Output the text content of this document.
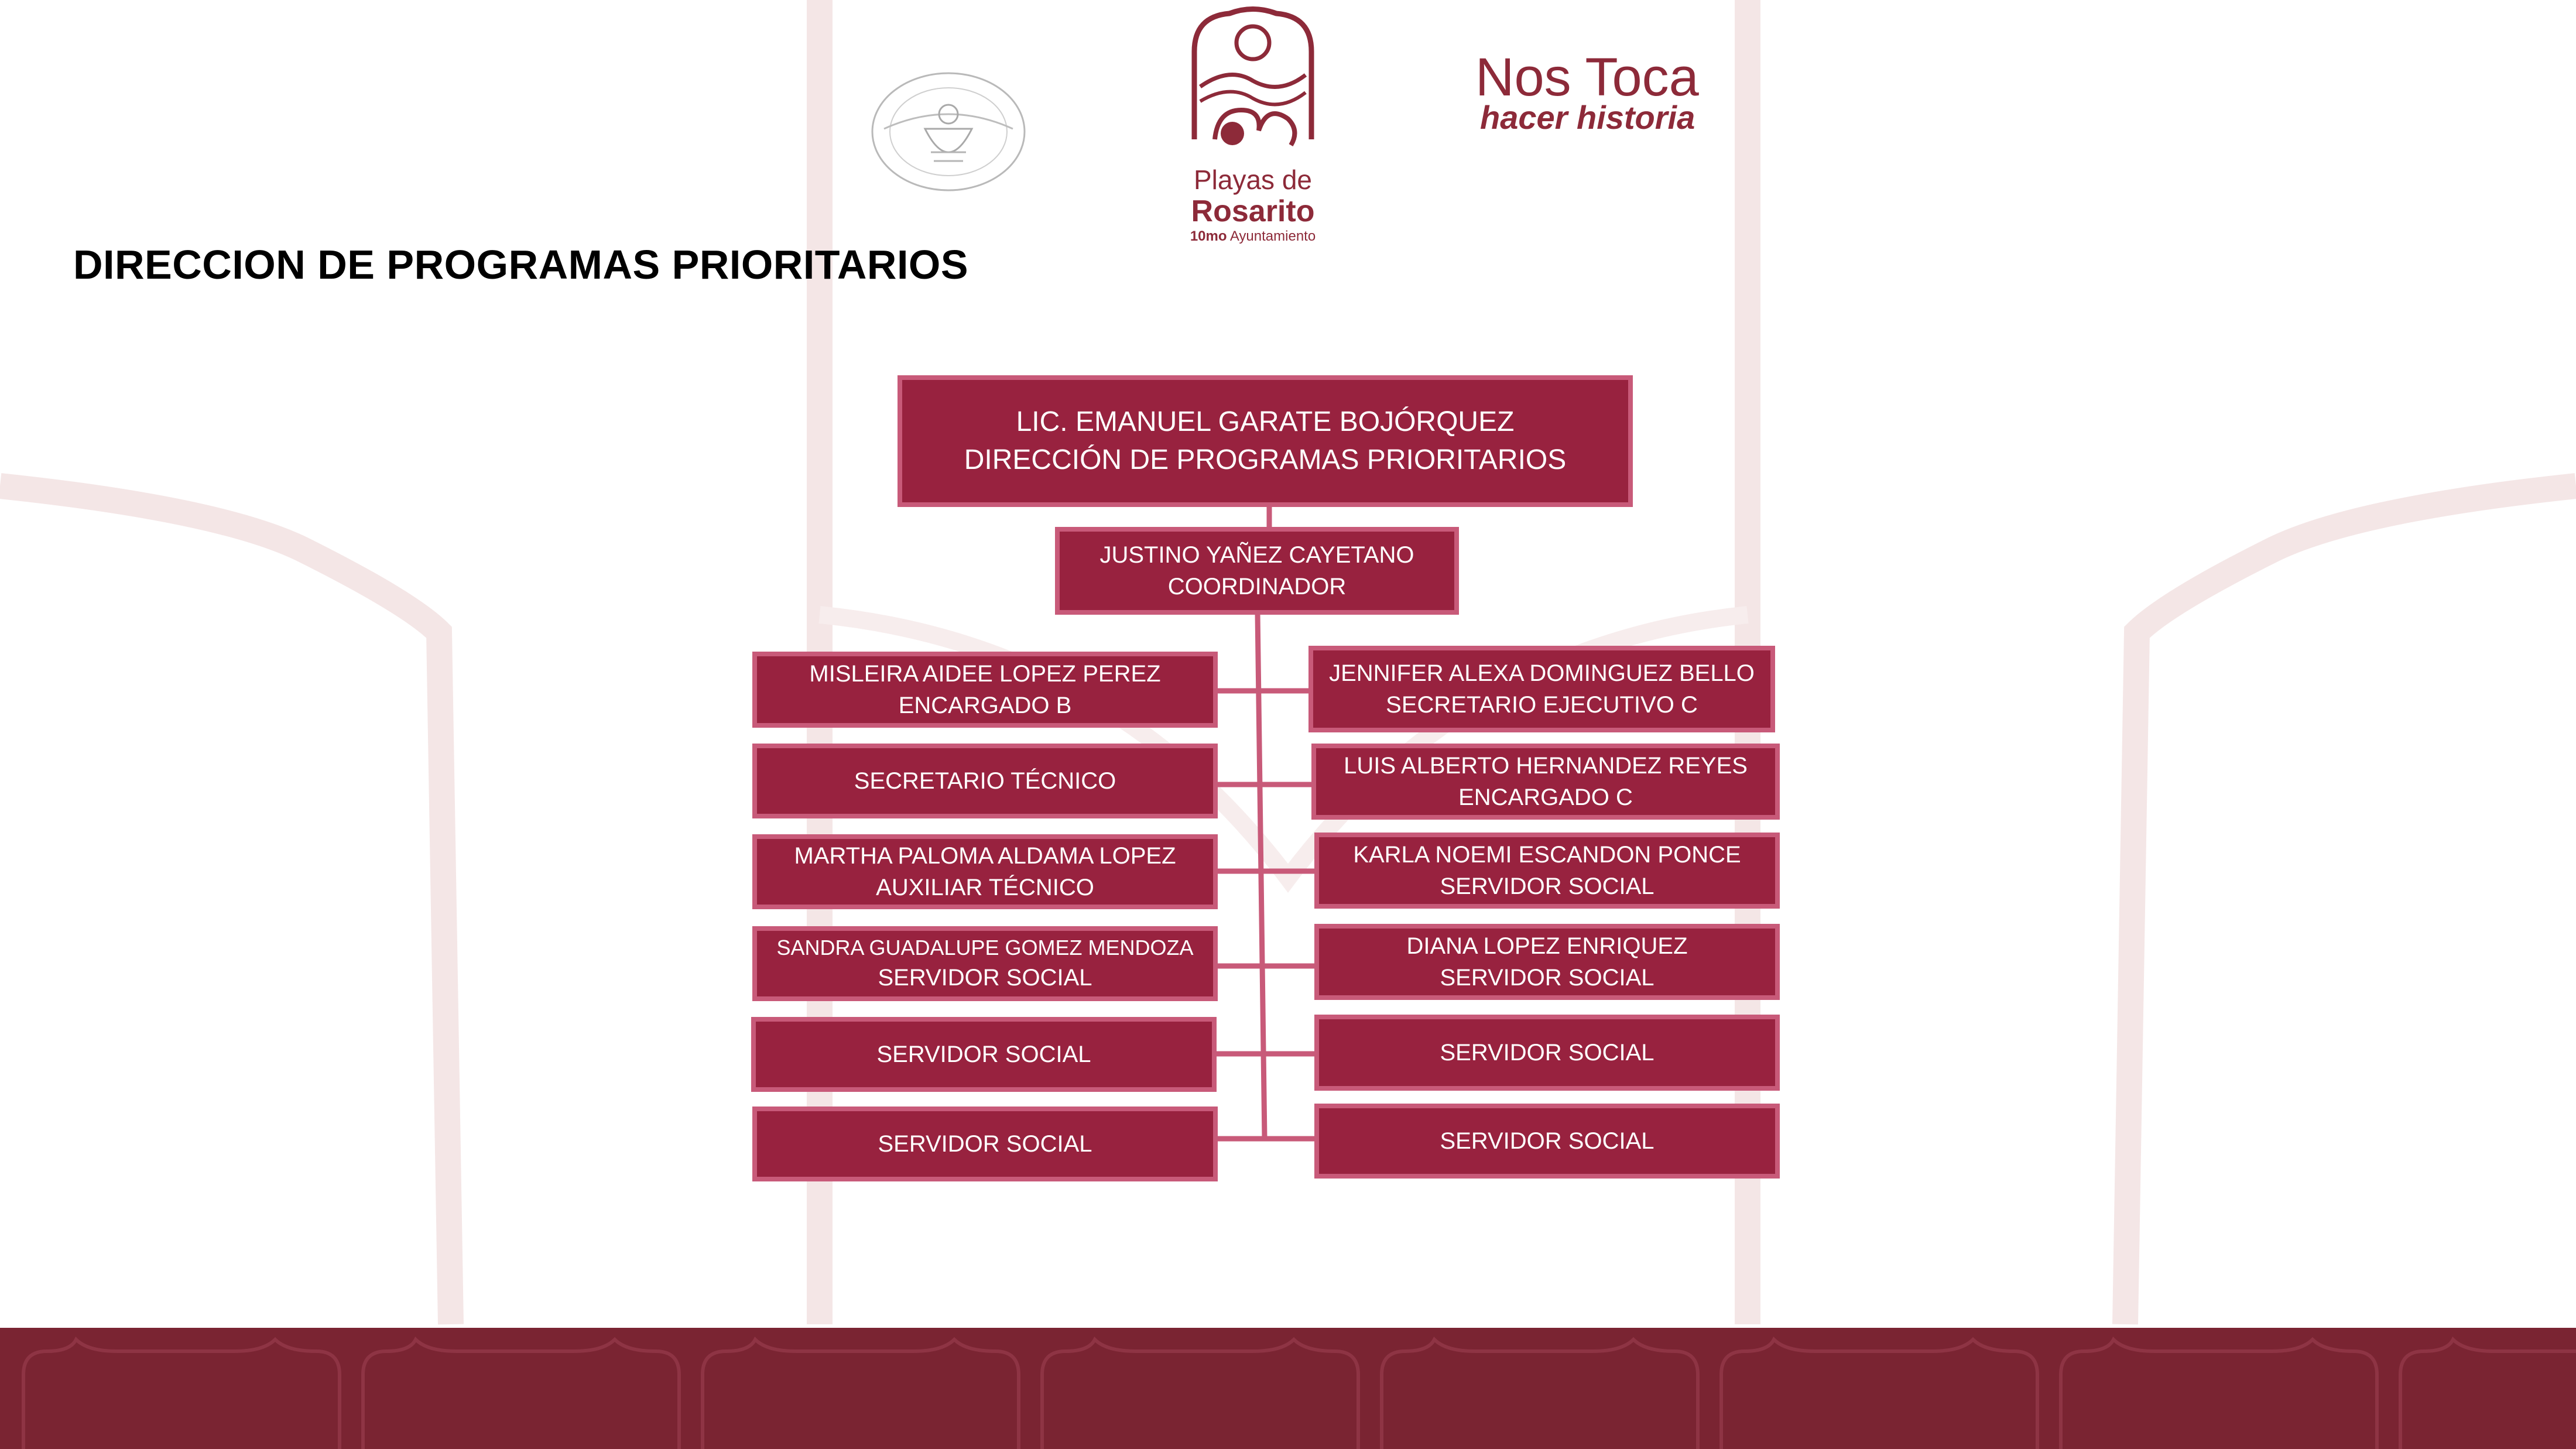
Playas de
Rosarito
10mo Ayuntamiento
Nos Toca
hacer historia
DIRECCION DE PROGRAMAS PRIORITARIOS
LIC. EMANUEL GARATE BOJÓRQUEZ
DIRECCIÓN DE PROGRAMAS PRIORITARIOS
JUSTINO YAÑEZ CAYETANO
COORDINADOR
MISLEIRA AIDEE LOPEZ PEREZ
ENCARGADO B
SECRETARIO TÉCNICO
MARTHA PALOMA ALDAMA LOPEZ
AUXILIAR TÉCNICO
SANDRA GUADALUPE GOMEZ MENDOZA
SERVIDOR SOCIAL
SERVIDOR SOCIAL
SERVIDOR SOCIAL
JENNIFER ALEXA DOMINGUEZ BELLO
SECRETARIO EJECUTIVO C
LUIS ALBERTO HERNANDEZ REYES
ENCARGADO C
KARLA NOEMI ESCANDON PONCE
SERVIDOR SOCIAL
DIANA LOPEZ ENRIQUEZ
SERVIDOR SOCIAL
SERVIDOR SOCIAL
SERVIDOR SOCIAL
